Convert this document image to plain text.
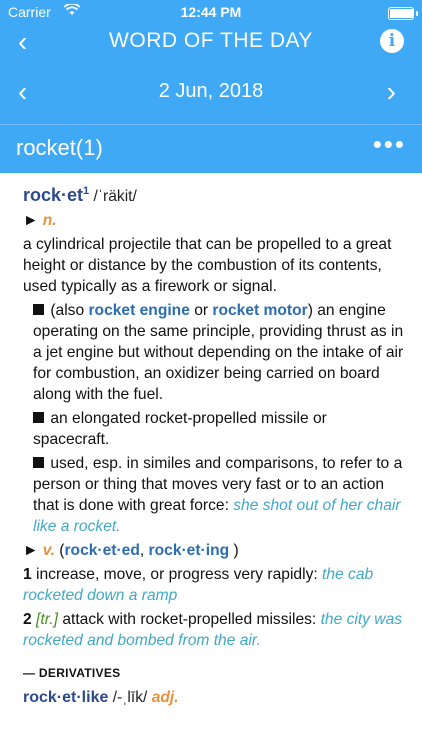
Carrier	12:44 PM
‹	WORD OF THE DAY	i
‹	2 Jun, 2018	›
rocket(1)	•••

$rock\cdot et^1$ /ˈräkit/

► n.

a cylindrical projectile that can be propelled to a great height or distance by the combustion of its contents, used typically as a firework or signal.

(also rocket engine or rocket motor) an engine operating on the same principle, providing thrust as in a jet engine but without depending on the intake of air for combustion, an oxidizer being carried on board along with the fuel.

an elongated rocket-propelled missile or spacecraft.

used, esp. in similes and comparisons, to refer to a person or thing that moves very fast or to an action that is done with great force: she shot out of her chair like a rocket.

► v. (rock·et·ed, rock·et·ing )

1 increase, move, or progress very rapidly: the cab rocketed down a ramp

2 [tr.] attack with rocket-propelled missiles: the city was rocketed and bombed from the air.

— DERIVATIVES

rock·et·like /-ˌlīk/ adj.
